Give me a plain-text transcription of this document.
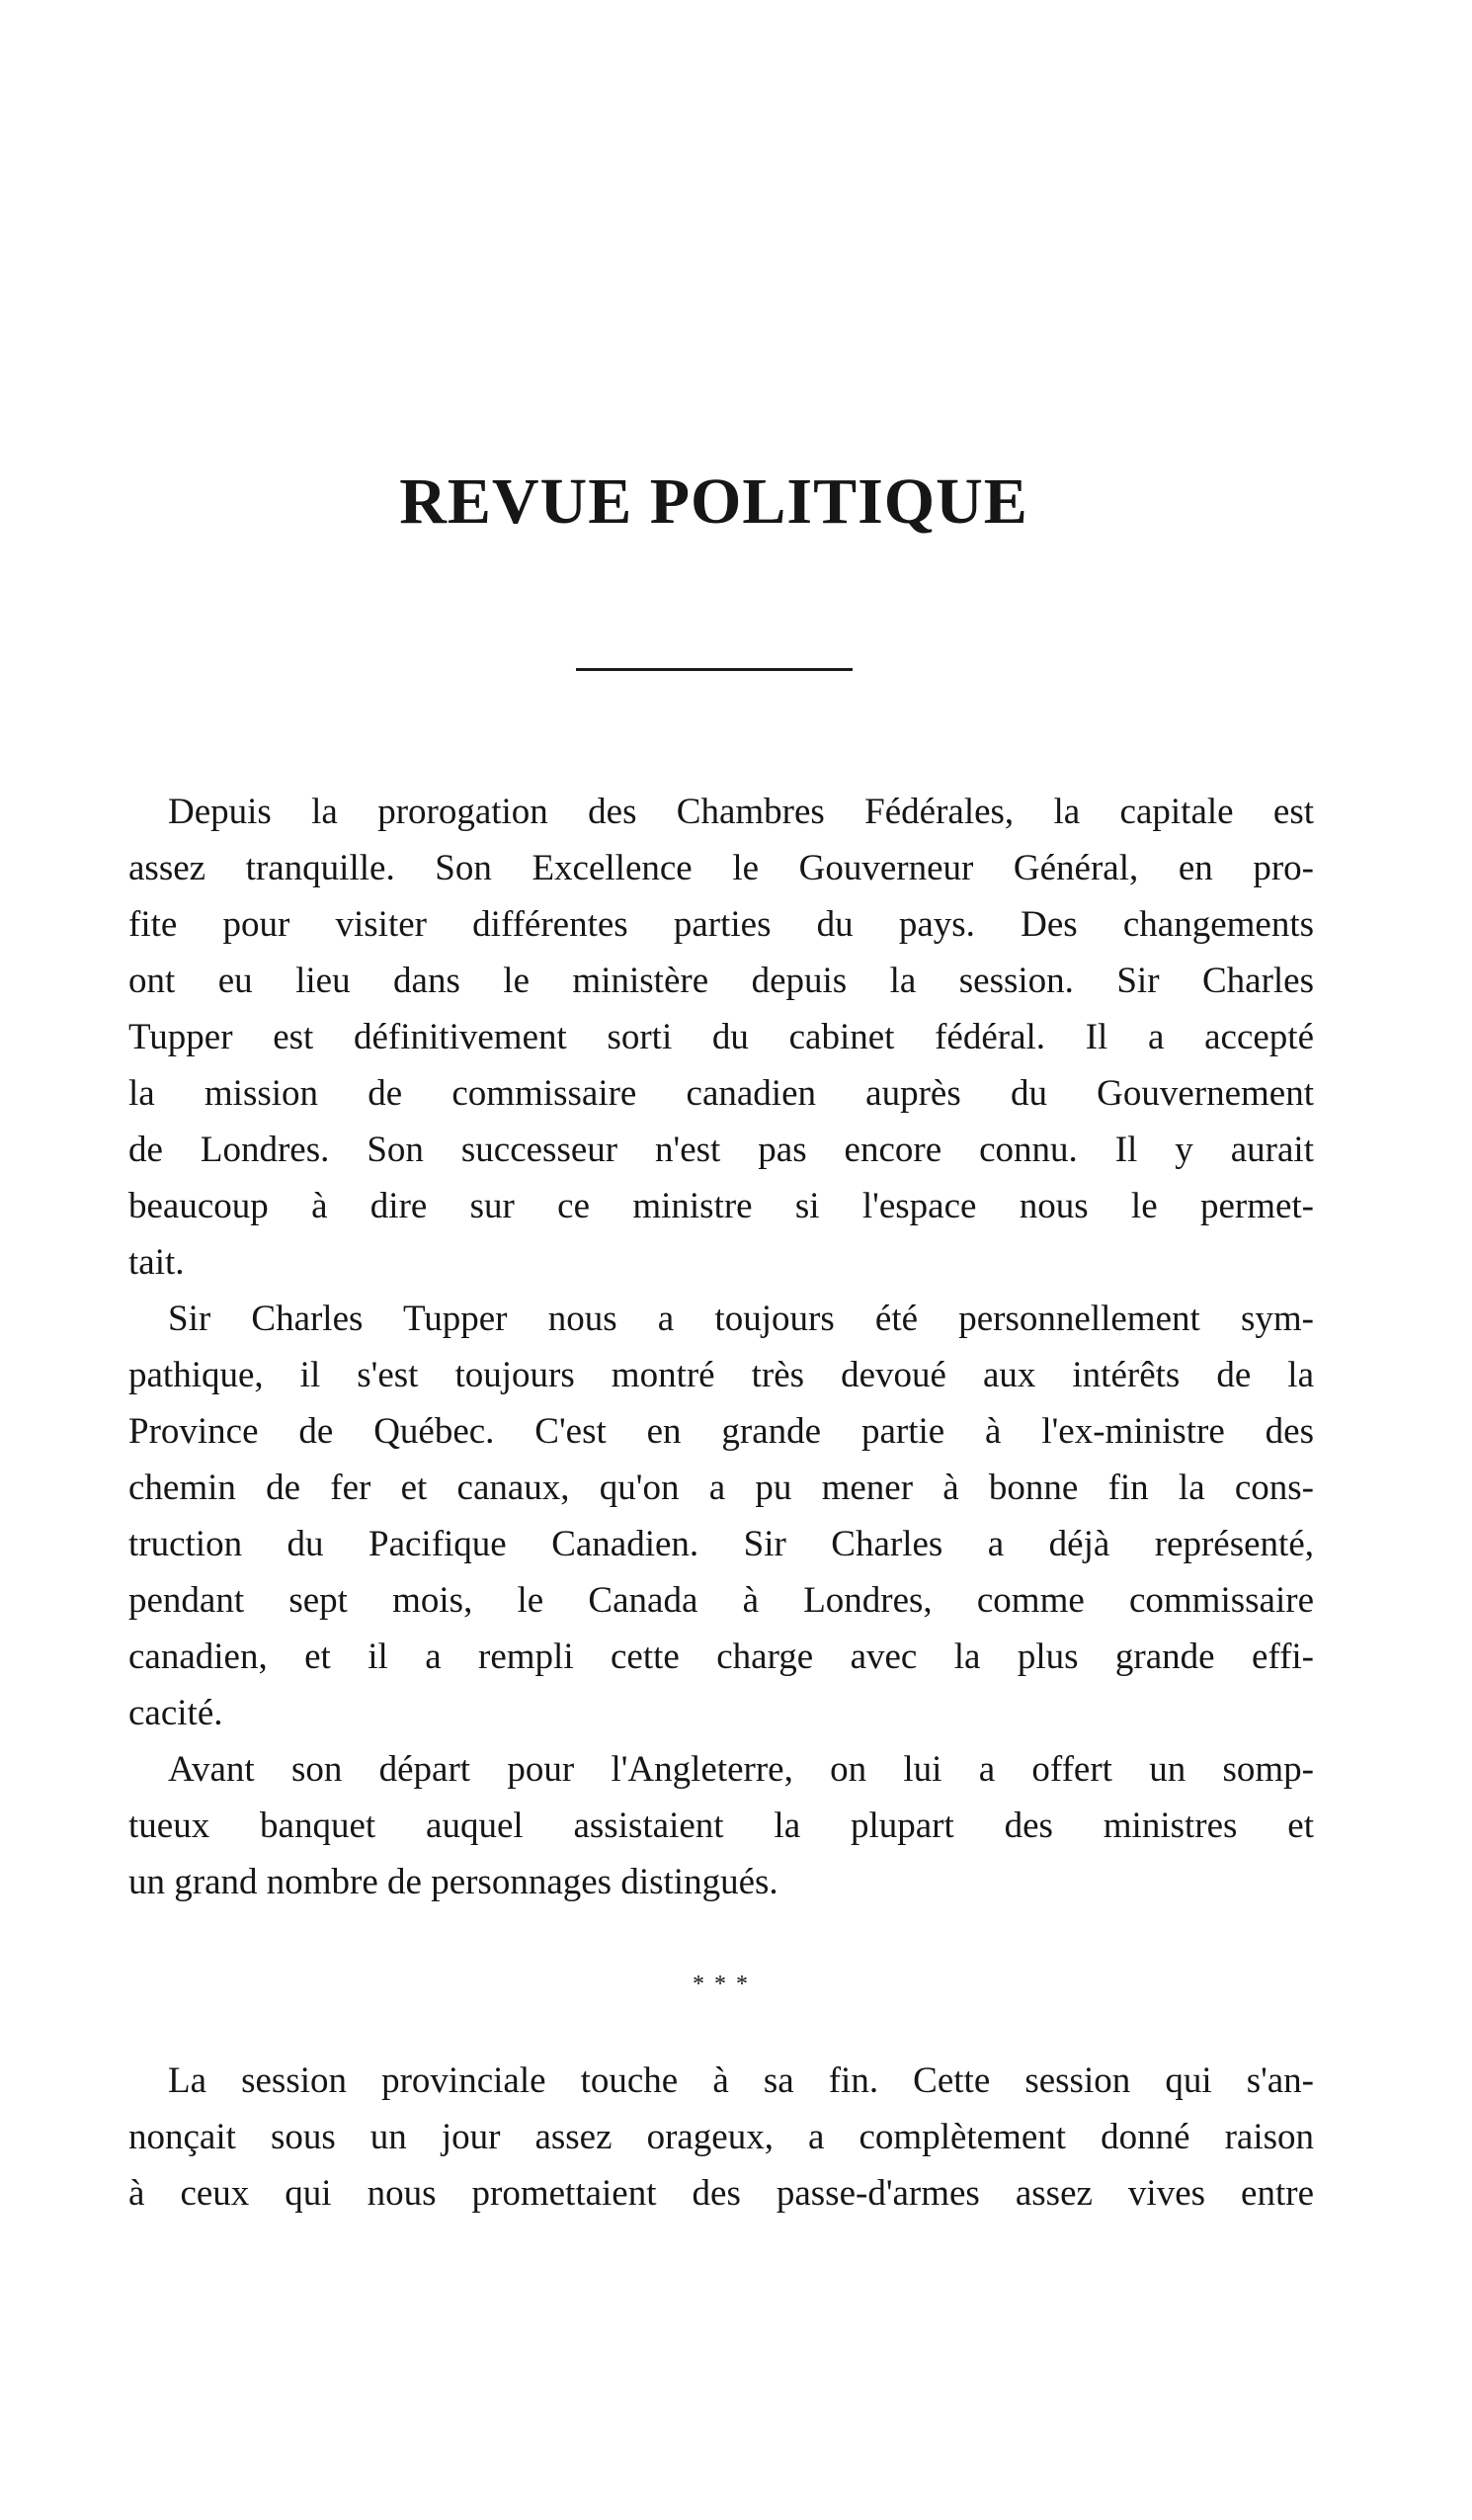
REVUE POLITIQUE
Depuis la prorogation des Chambres Fédérales, la capitale est
assez tranquille. Son Excellence le Gouverneur Général, en pro-
fite pour visiter différentes parties du pays. Des changements
ont eu lieu dans le ministère depuis la session. Sir Charles
Tupper est définitivement sorti du cabinet fédéral. Il a accepté
la mission de commissaire canadien auprès du Gouvernement
de Londres. Son successeur n'est pas encore connu. Il y aurait
beaucoup à dire sur ce ministre si l'espace nous le permet-
tait.
Sir Charles Tupper nous a toujours été personnellement sym-
pathique, il s'est toujours montré très devoué aux intérêts de la
Province de Québec. C'est en grande partie à l'ex-ministre des
chemin de fer et canaux, qu'on a pu mener à bonne fin la cons-
truction du Pacifique Canadien. Sir Charles a déjà représenté,
pendant sept mois, le Canada à Londres, comme commissaire
canadien, et il a rempli cette charge avec la plus grande effi-
cacité.
Avant son départ pour l'Angleterre, on lui a offert un somp-
tueux banquet auquel assistaient la plupart des ministres et
un grand nombre de personnages distingués.
* * *
La session provinciale touche à sa fin. Cette session qui s'an-
nonçait sous un jour assez orageux, a complètement donné raison
à ceux qui nous promettaient des passe-d'armes assez vives entre
